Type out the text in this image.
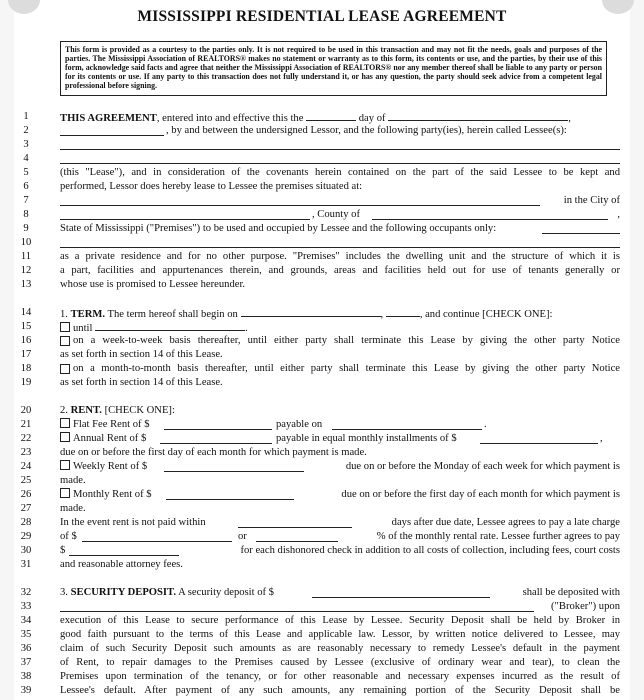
MISSISSIPPI RESIDENTIAL LEASE AGREEMENT
This form is provided as a courtesy to the parties only. It is not required to be used in this transaction and may not fit the needs, goals and purposes of the parties. The Mississippi Association of REALTORS® makes no statement or warranty as to this form, its contents or use, and the parties, by their use of this form, acknowledge said facts and agree that neither the Mississippi Association of REALTORS® nor any member thereof shall be liable to any party or person for its contents or use. If any party to this transaction does not fully understand it, or has any question, the party should seek advice from a competent legal professional before signing.
1	THIS AGREEMENT, entered into and effective this the	day of	,
2	, by and between the undersigned Lessor, and the following party(ies), herein called Lessee(s):
3
4
5	(this "Lease"), and in consideration of the covenants herein contained on the part of the said Lessee to be kept and
6	performed, Lessor does hereby lease to Lessee the premises situated at:
7	in the City of
8	, County of	,
9	State of Mississippi ("Premises") to be used and occupied by Lessee and the following occupants only:
10
11	as a private residence and for no other purpose. "Premises" includes the dwelling unit and the structure of which it is
12	a part, facilities and appurtenances therein, and grounds, areas and facilities held out for use of tenants generally or
13	whose use is promised to Lessee hereunder.
14	1. TERM. The term hereof shall begin on	,	, and continue [CHECK ONE]:
15	until	.
16	on a week-to-week basis thereafter, until either party shall terminate this Lease by giving the other party Notice
17	as set forth in section 14 of this Lease.
18	on a month-to-month basis thereafter, until either party shall terminate this Lease by giving the other party Notice
19	as set forth in section 14 of this Lease.
20	2. RENT. [CHECK ONE]:
21	Flat Fee Rent of $	payable on	.
22	Annual Rent of $	payable in equal monthly installments of $	,
23	due on or before the first day of each month for which payment is made.
24	Weekly Rent of $	due on or before the Monday of each week for which payment is
25	made.
26	Monthly Rent of $	due on or before the first day of each month for which payment is
27	made.
28	In the event rent is not paid within	days after due date, Lessee agrees to pay a late charge
29	of $	or	% of the monthly rental rate. Lessee further agrees to pay
30	$	for each dishonored check in addition to all costs of collection, including fees, court costs
31	and reasonable attorney fees.
32	3. SECURITY DEPOSIT. A security deposit of $	shall be deposited with
33	("Broker") upon
34	execution of this Lease to secure performance of this Lease by Lessee. Security Deposit shall be held by Broker in
35	good faith pursuant to the terms of this Lease and applicable law. Lessor, by written notice delivered to Lessee, may
36	claim of such Security Deposit such amounts as are reasonably necessary to remedy Lessee's default in the payment
37	of Rent, to repair damages to the Premises caused by Lessee (exclusive of ordinary wear and tear), to clean the
38	Premises upon termination of the tenancy, or for other reasonable and necessary expenses incurred as the result of
39	Lessee's default. After payment of any such amounts, any remaining portion of the Security Deposit shall be
